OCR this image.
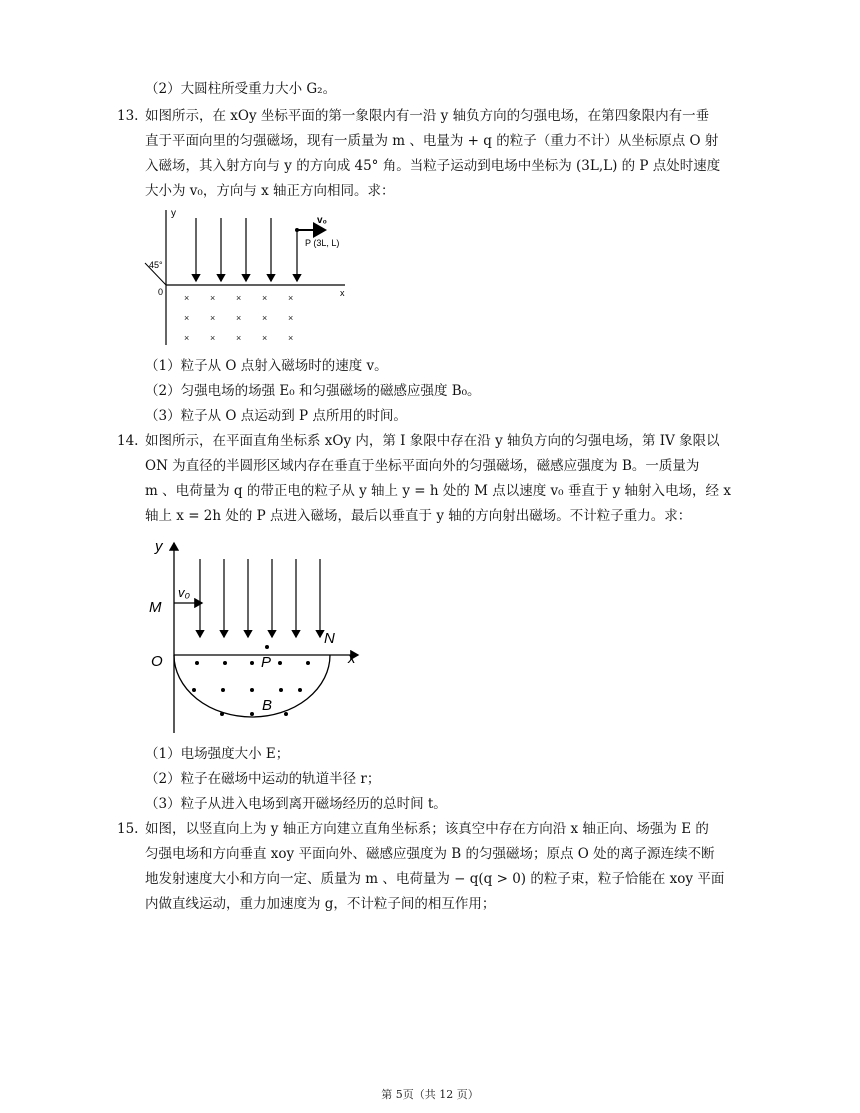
（2）大圆柱所受重力大小 G₂。
13. 如图所示，在 xOy 坐标平面的第一象限内有一沿 y 轴负方向的匀强电场，在第四象限内有一垂
直于平面向里的匀强磁场，现有一质量为 m 、电量为 + q 的粒子（重力不计）从坐标原点 O 射
入磁场，其入射方向与 y 的方向成 45° 角。当粒子运动到电场中坐标为 (3L,L) 的 P 点处时速度
大小为 v₀，方向与 x 轴正方向相同。求：
y
x
0
45°
v₀
P (3L, L)
× × × × ×
× × × × ×
× × × × ×
（1）粒子从 O 点射入磁场时的速度 v。
（2）匀强电场的场强 E₀ 和匀强磁场的磁感应强度 B₀。
（3）粒子从 O 点运动到 P 点所用的时间。
14. 如图所示，在平面直角坐标系 xOy 内，第 I 象限中存在沿 y 轴负方向的匀强电场，第 IV 象限以
ON 为直径的半圆形区域内存在垂直于坐标平面向外的匀强磁场，磁感应强度为 B。一质量为
m 、电荷量为 q 的带正电的粒子从 y 轴上 y = h 处的 M 点以速度 v₀ 垂直于 y 轴射入电场，经 x
轴上 x = 2h 处的 P 点进入磁场，最后以垂直于 y 轴的方向射出磁场。不计粒子重力。求：
y
x
O
M
v₀
N
P
B
（1）电场强度大小 E；
（2）粒子在磁场中运动的轨道半径 r；
（3）粒子从进入电场到离开磁场经历的总时间 t。
15. 如图，以竖直向上为 y 轴正方向建立直角坐标系；该真空中存在方向沿 x 轴正向、场强为 E 的
匀强电场和方向垂直 xoy 平面向外、磁感应强度为 B 的匀强磁场；原点 O 处的离子源连续不断
地发射速度大小和方向一定、质量为 m 、电荷量为 − q(q > 0) 的粒子束，粒子恰能在 xoy 平面
内做直线运动，重力加速度为 g，不计粒子间的相互作用；
第 5页（共 12 页）
